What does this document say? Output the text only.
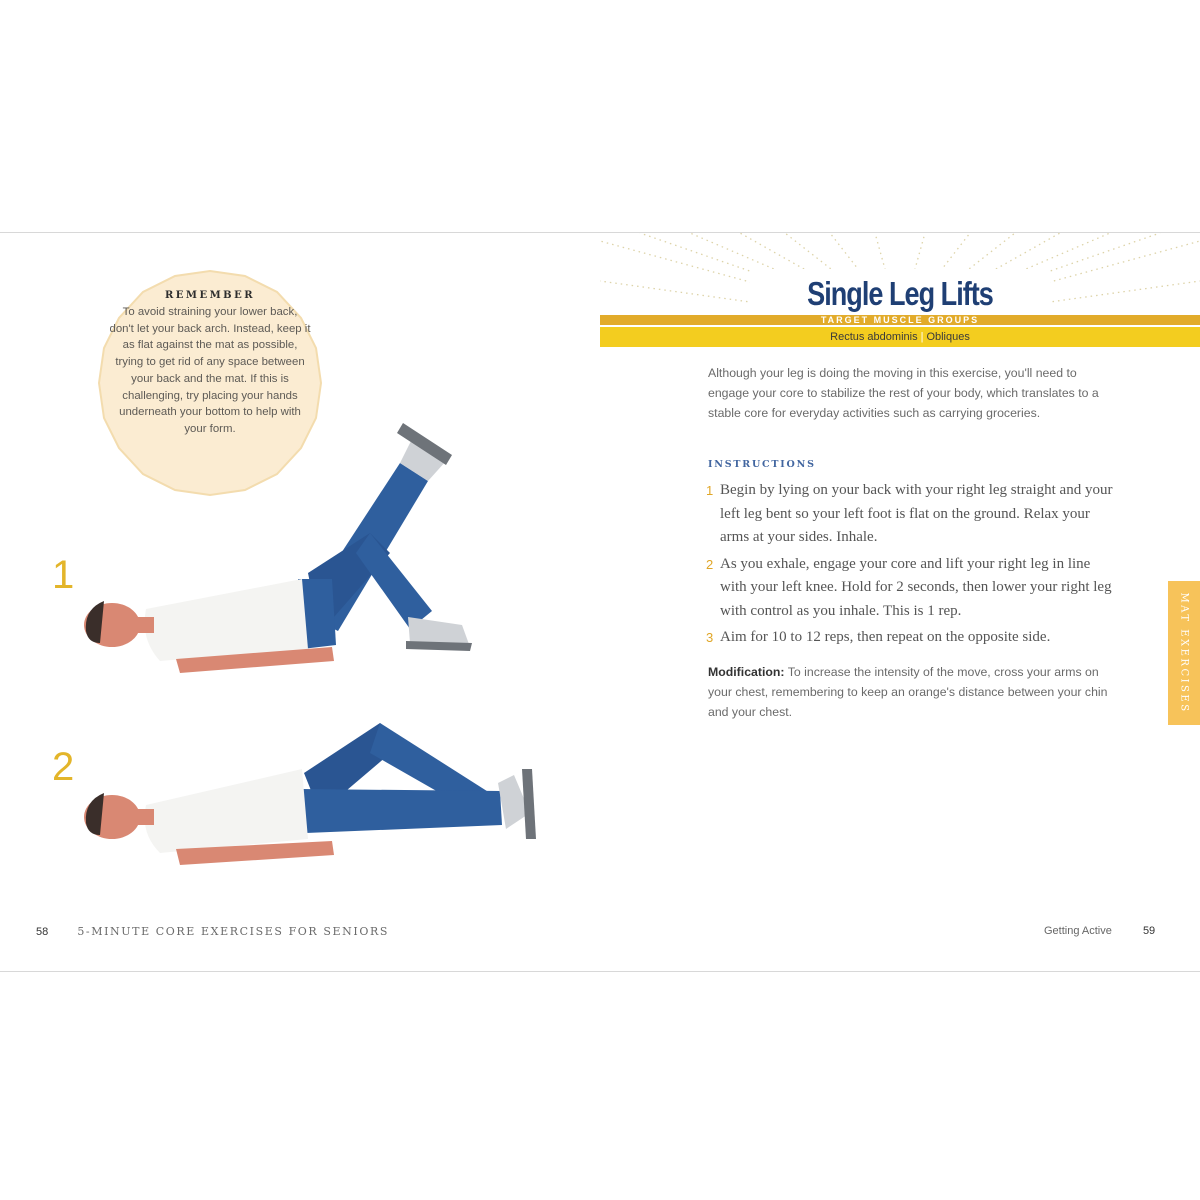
REMEMBER
To avoid straining your lower back, don't let your back arch. Instead, keep it as flat against the mat as possible, trying to get rid of any space between your back and the mat. If this is challenging, try placing your hands underneath your bottom to help with your form.
1
2
58	5-MINUTE CORE EXERCISES FOR SENIORS
Single Leg Lifts
TARGET MUSCLE GROUPS
Rectus abdominis | Obliques
Although your leg is doing the moving in this exercise, you'll need to engage your core to stabilize the rest of your body, which translates to a stable core for everyday activities such as carrying groceries.
INSTRUCTIONS
1 Begin by lying on your back with your right leg straight and your left leg bent so your left foot is flat on the ground. Relax your arms at your sides. Inhale.
2 As you exhale, engage your core and lift your right leg in line with your left knee. Hold for 2 seconds, then lower your right leg with control as you inhale. This is 1 rep.
3 Aim for 10 to 12 reps, then repeat on the opposite side.
Modification: To increase the intensity of the move, cross your arms on your chest, remembering to keep an orange's distance between your chin and your chest.	MAT EXERCISES
Getting Active	59
